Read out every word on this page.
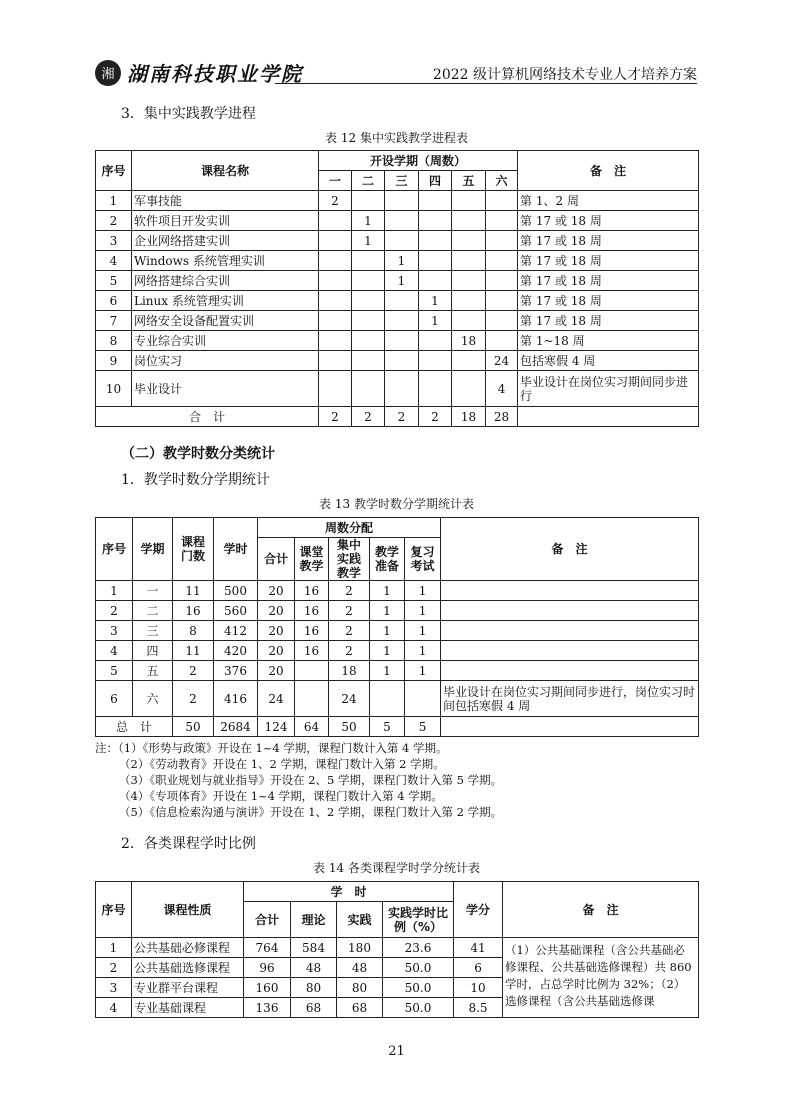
湘 湖南科技职业学院	2022 级计算机网络技术专业人才培养方案
3．集中实践教学进程
表 12 集中实践教学进程表
序号	课程名称	开设学期（周数）						备　注
		一	二	三	四	五	六	
1	军事技能	2						第 1、2 周
2	软件项目开发实训		1					第 17 或 18 周
3	企业网络搭建实训		1					第 17 或 18 周
4	Windows 系统管理实训			1				第 17 或 18 周
5	网络搭建综合实训			1				第 17 或 18 周
6	Linux 系统管理实训				1			第 17 或 18 周
7	网络安全设备配置实训				1			第 17 或 18 周
8	专业综合实训					18		第 1~18 周
9	岗位实习						24	包括寒假 4 周
10	毕业设计						4	毕业设计在岗位实习期间同步进行
合　计		2	2	2	2	18	28	
（二）教学时数分类统计
1．教学时数分学期统计
表 13 教学时数分学期统计表
序号	学期	课程门数	学时	周数分配					备　注
				合计	课堂教学	集中实践教学	教学准备	复习考试	
1	一	11	500	20	16	2	1	1	
2	二	16	560	20	16	2	1	1	
3	三	8	412	20	16	2	1	1	
4	四	11	420	20	16	2	1	1	
5	五	2	376	20		18	1	1	
6	六	2	416	24		24			毕业设计在岗位实习期间同步进行，岗位实习时间包括寒假 4 周
总　计		50	2684	124	64	50	5	5	
注：（1）《形势与政策》开设在 1~4 学期，课程门数计入第 4 学期。
（2）《劳动教育》开设在 1、2 学期，课程门数计入第 2 学期。
（3）《职业规划与就业指导》开设在 2、5 学期，课程门数计入第 5 学期。
（4）《专项体育》开设在 1~4 学期，课程门数计入第 4 学期。
（5）《信息检索沟通与演讲》开设在 1、2 学期，课程门数计入第 2 学期。
2．各类课程学时比例
表 14 各类课程学时学分统计表
序号	课程性质	学　时				学分	备　注
		合计	理论	实践	实践学时比例（%）		
1	公共基础必修课程	764	584	180	23.6	41	（1）公共基础课程（含公共基础必修课程、公共基础选修课程）共 860 学时，占总学时比例为 32%；（2）选修课程（含公共基础选修课
2	公共基础选修课程	96	48	48	50.0	6	
3	专业群平台课程	160	80	80	50.0	10	
4	专业基础课程	136	68	68	50.0	8.5	
21
